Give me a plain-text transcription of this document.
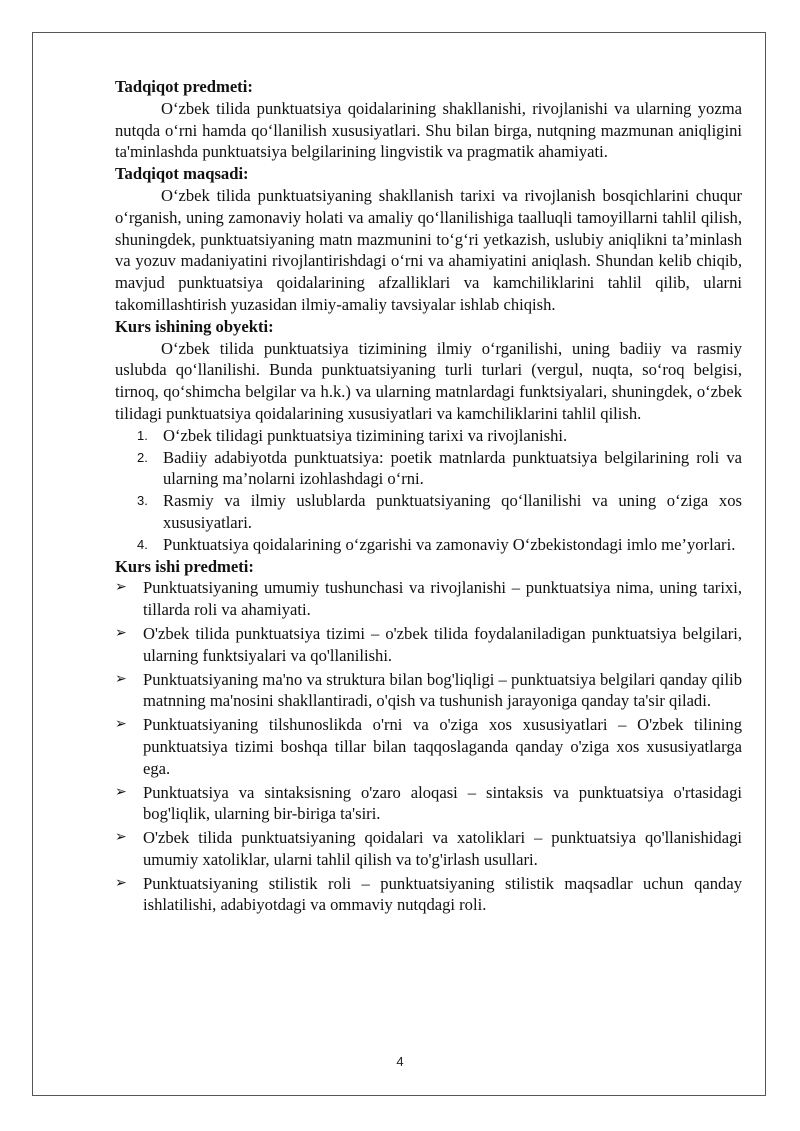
Tadqiqot predmeti:

O‘zbek tilida punktuatsiya qoidalarining shakllanishi, rivojlanishi va ularning yozma nutqda o‘rni hamda qo‘llanilish xususiyatlari. Shu bilan birga, nutqning mazmunan aniqligini ta'minlashda punktuatsiya belgilarining lingvistik va pragmatik ahamiyati.

Tadqiqot maqsadi:

O‘zbek tilida punktuatsiyaning shakllanish tarixi va rivojlanish bosqichlarini chuqur o‘rganish, uning zamonaviy holati va amaliy qo‘llanilishiga taalluqli tamoyillarni tahlil qilish, shuningdek, punktuatsiyaning matn mazmunini to‘g‘ri yetkazish, uslubiy aniqlikni ta’minlash va yozuv madaniyatini rivojlantirishdagi o‘rni va ahamiyatini aniqlash. Shundan kelib chiqib, mavjud punktuatsiya qoidalarining afzalliklari va kamchiliklarini tahlil qilib, ularni takomillashtirish yuzasidan ilmiy-amaliy tavsiyalar ishlab chiqish.

Kurs ishining obyekti:

O‘zbek tilida punktuatsiya tizimining ilmiy o‘rganilishi, uning badiiy va rasmiy uslubda qo‘llanilishi. Bunda punktuatsiyaning turli turlari (vergul, nuqta, so‘roq belgisi, tirnoq, qo‘shimcha belgilar va h.k.) va ularning matnlardagi funktsiyalari, shuningdek, o‘zbek tilidagi punktuatsiya qoidalarining xususiyatlari va kamchiliklarini tahlil qilish.

1. O‘zbek tilidagi punktuatsiya tizimining tarixi va rivojlanishi.
2. Badiiy adabiyotda punktuatsiya: poetik matnlarda punktuatsiya belgilarining roli va ularning ma’nolarni izohlashdagi o‘rni.
3. Rasmiy va ilmiy uslublarda punktuatsiyaning qo‘llanilishi va uning o‘ziga xos xususiyatlari.
4. Punktuatsiya qoidalarining o‘zgarishi va zamonaviy O‘zbekistondagi imlo me’yorlari.

Kurs ishi predmeti:

➢ Punktuatsiyaning umumiy tushunchasi va rivojlanishi – punktuatsiya nima, uning tarixi, tillarda roli va ahamiyati.
➢ O'zbek tilida punktuatsiya tizimi – o'zbek tilida foydalaniladigan punktuatsiya belgilari, ularning funktsiyalari va qo'llanilishi.
➢ Punktuatsiyaning ma'no va struktura bilan bog'liqligi – punktuatsiya belgilari qanday qilib matnning ma'nosini shakllantiradi, o'qish va tushunish jarayoniga qanday ta'sir qiladi.
➢ Punktuatsiyaning tilshunoslikda o'rni va o'ziga xos xususiyatlari – O'zbek tilining punktuatsiya tizimi boshqa tillar bilan taqqoslaganda qanday o'ziga xos xususiyatlarga ega.
➢ Punktuatsiya va sintaksisning o'zaro aloqasi – sintaksis va punktuatsiya o'rtasidagi bog'liqlik, ularning bir-biriga ta'siri.
➢ O'zbek tilida punktuatsiyaning qoidalari va xatoliklari – punktuatsiya qo'llanishidagi umumiy xatoliklar, ularni tahlil qilish va to'g'irlash usullari.
➢ Punktuatsiyaning stilistik roli – punktuatsiyaning stilistik maqsadlar uchun qanday ishlatilishi, adabiyotdagi va ommaviy nutqdagi roli.
4
